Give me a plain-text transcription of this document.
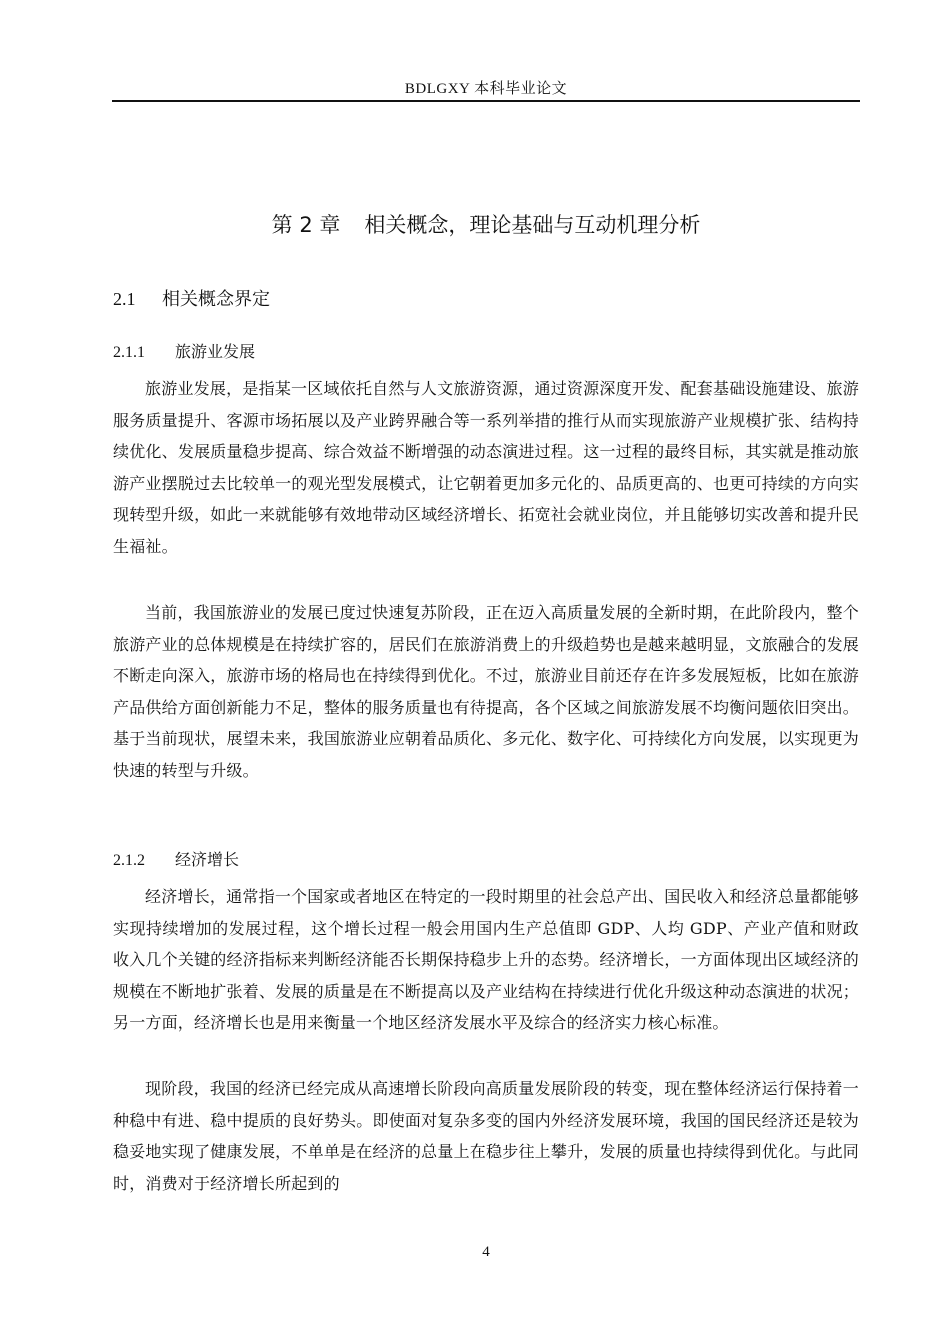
BDLGXY 本科毕业论文
第 2 章 相关概念，理论基础与互动机理分析
2.1 相关概念界定
2.1.1 旅游业发展

旅游业发展，是指某一区域依托自然与人文旅游资源，通过资源深度开发、配套基础设施建设、旅游服务质量提升、客源市场拓展以及产业跨界融合等一系列举措的推行从而实现旅游产业规模扩张、结构持续优化、发展质量稳步提高、综合效益不断增强的动态演进过程。这一过程的最终目标，其实就是推动旅游产业摆脱过去比较单一的观光型发展模式，让它朝着更加多元化的、品质更高的、也更可持续的方向实现转型升级，如此一来就能够有效地带动区域经济增长、拓宽社会就业岗位，并且能够切实改善和提升民生福祉。

当前，我国旅游业的发展已度过快速复苏阶段，正在迈入高质量发展的全新时期，在此阶段内，整个旅游产业的总体规模是在持续扩容的，居民们在旅游消费上的升级趋势也是越来越明显，文旅融合的发展不断走向深入，旅游市场的格局也在持续得到优化。不过，旅游业目前还存在许多发展短板，比如在旅游产品供给方面创新能力不足，整体的服务质量也有待提高，各个区域之间旅游发展不均衡问题依旧突出。基于当前现状，展望未来，我国旅游业应朝着品质化、多元化、数字化、可持续化方向发展，以实现更为快速的转型与升级。

2.1.2 经济增长

经济增长，通常指一个国家或者地区在特定的一段时期里的社会总产出、国民收入和经济总量都能够实现持续增加的发展过程，这个增长过程一般会用国内生产总值即 GDP、人均 GDP、产业产值和财政收入几个关键的经济指标来判断经济能否长期保持稳步上升的态势。经济增长，一方面体现出区域经济的规模在不断地扩张着、发展的质量是在不断提高以及产业结构在持续进行优化升级这种动态演进的状况；另一方面，经济增长也是用来衡量一个地区经济发展水平及综合的经济实力核心标准。

现阶段，我国的经济已经完成从高速增长阶段向高质量发展阶段的转变，现在整体经济运行保持着一种稳中有进、稳中提质的良好势头。即使面对复杂多变的国内外经济发展环境，我国的国民经济还是较为稳妥地实现了健康发展，不单单是在经济的总量上在稳步往上攀升，发展的质量也持续得到优化。与此同时，消费对于经济增长所起到的

4
